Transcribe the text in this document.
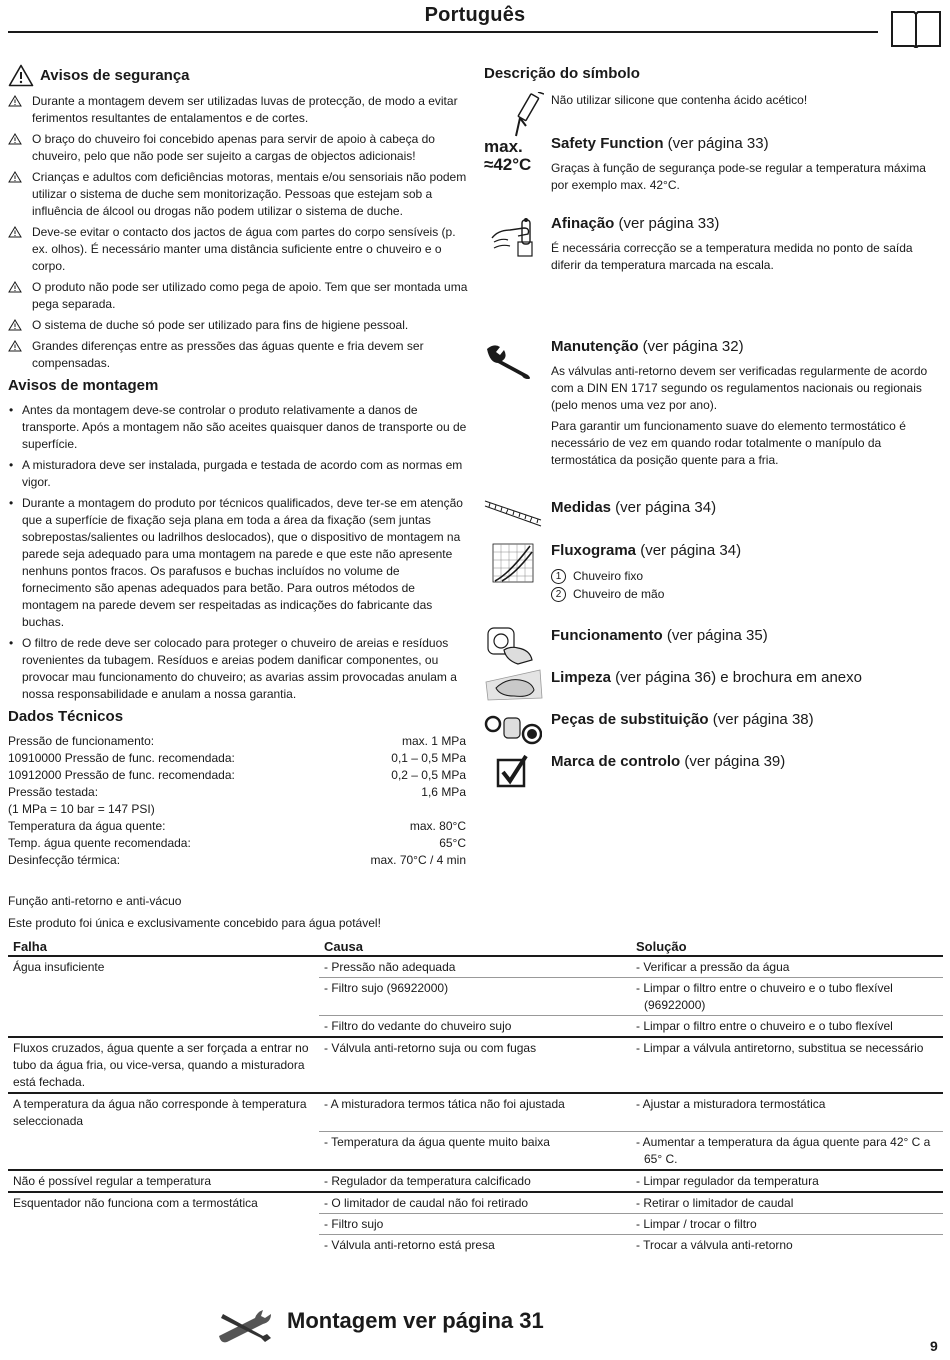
Português
Avisos de segurança
Durante a montagem devem ser utilizadas luvas de protecção, de modo a evitar ferimentos resultantes de entalamentos e de cortes.
O braço do chuveiro foi concebido apenas para servir de apoio à cabeça do chuveiro, pelo que não pode ser sujeito a cargas de objectos adicionais!
Crianças e adultos com deficiências motoras, mentais e/ou sensoriais não podem utilizar o sistema de duche sem monitorização. Pessoas que estejam sob a influência de álcool ou drogas não podem utilizar o sistema de duche.
Deve-se evitar o contacto dos jactos de água com partes do corpo sensíveis (p. ex. olhos). É necessário manter uma distância suficiente entre o chuveiro e o corpo.
O produto não pode ser utilizado como pega de apoio. Tem que ser montada uma pega separada.
O sistema de duche só pode ser utilizado para fins de higiene pessoal.
Grandes diferenças entre as pressões das águas quente e fria devem ser compensadas.
Avisos de montagem
• Antes da montagem deve-se controlar o produto relativamente a danos de transporte. Após a montagem não são aceites quaisquer danos de transporte ou de superfície.
• A misturadora deve ser instalada, purgada e testada de acordo com as normas em vigor.
• Durante a montagem do produto por técnicos qualificados, deve ter-se em atenção que a superfície de fixação seja plana em toda a área da fixação (sem juntas sobrepostas/salientes ou ladrilhos deslocados), que o dispositivo de montagem na parede seja adequado para uma montagem na parede e que este não apresente nenhuns pontos fracos. Os parafusos e buchas incluídos no volume de fornecimento são apenas adequados para betão. Para outros métodos de montagem na parede devem ser respeitadas as indicações do fabricante das buchas.
• O filtro de rede deve ser colocado para proteger o chuveiro de areias e resíduos rovenientes da tubagem. Resíduos e areias podem danificar componentes, ou provocar mau funcionamento do chuveiro; as avarias assim provocadas anulam a nossa responsabilidade e anulam a nossa garantia.
Dados Técnicos
Pressão de funcionamento:	max. 1 MPa
10910000 Pressão de func. recomendada:	0,1 – 0,5 MPa
10912000 Pressão de func. recomendada:	0,2 – 0,5 MPa
Pressão testada:	1,6 MPa
(1 MPa = 10 bar = 147 PSI)	
Temperatura da água quente:	max. 80°C
Temp. água quente recomendada:	65°C
Desinfecção térmica:	max. 70°C / 4 min
Função anti-retorno e anti-vácuo
Este produto foi única e exclusivamente concebido para água potável!
Descrição do símbolo
Não utilizar silicone que contenha ácido acético!
max.
≈42°C
Safety Function (ver página 33)
Graças à função de segurança pode-se regular a temperatura máxima por exemplo max. 42°C.
Afinação (ver página 33)
É necessária correcção se a temperatura medida no ponto de saída diferir da temperatura marcada na escala.
Manutenção (ver página 32)
As válvulas anti-retorno devem ser verificadas regularmente de acordo com a DIN EN 1717 segundo os regulamentos nacionais ou regionais (pelo menos uma vez por ano).
Para garantir um funcionamento suave do elemento termostático é necessário de vez em quando rodar totalmente o manípulo da termostática da posição quente para a fria.
Medidas (ver página 34)
Fluxograma (ver página 34)
1 Chuveiro fixo
2 Chuveiro de mão
Funcionamento (ver página 35)
Limpeza (ver página 36) e brochura em anexo
Peças de substituição (ver página 38)
Marca de controlo (ver página 39)
Falha	Causa	Solução
Água insuficiente	- Pressão não adequada	- Verificar a pressão da água

	- Filtro sujo (96922000)	- Limpar o filtro entre o chuveiro e o tubo flexível (96922000)

	- Filtro do vedante do chuveiro sujo	- Limpar o filtro entre o chuveiro e o tubo flexível

Fluxos cruzados, água quente a ser forçada a entrar no tubo da água fria, ou vice-versa, quando a misturadora está fechada.	- Válvula anti-retorno suja ou com fugas	- Limpar a válvula antiretorno, substitua se necessário

A temperatura da água não corresponde à temperatura seleccionada	- A misturadora termos tática não foi ajustada	- Ajustar a misturadora termostática

	- Temperatura da água quente muito baixa	- Aumentar a temperatura da água quente para 42° C a 65° C.

Não é possível regular a temperatura	- Regulador da temperatura calcificado	- Limpar regulador da temperatura

Esquentador não funciona com a termostática	- O limitador de caudal não foi retirado	- Retirar o limitador de caudal

	- Filtro sujo	- Limpar / trocar o filtro

	- Válvula anti-retorno está presa	- Trocar a válvula anti-retorno
Montagem ver página 31
9
